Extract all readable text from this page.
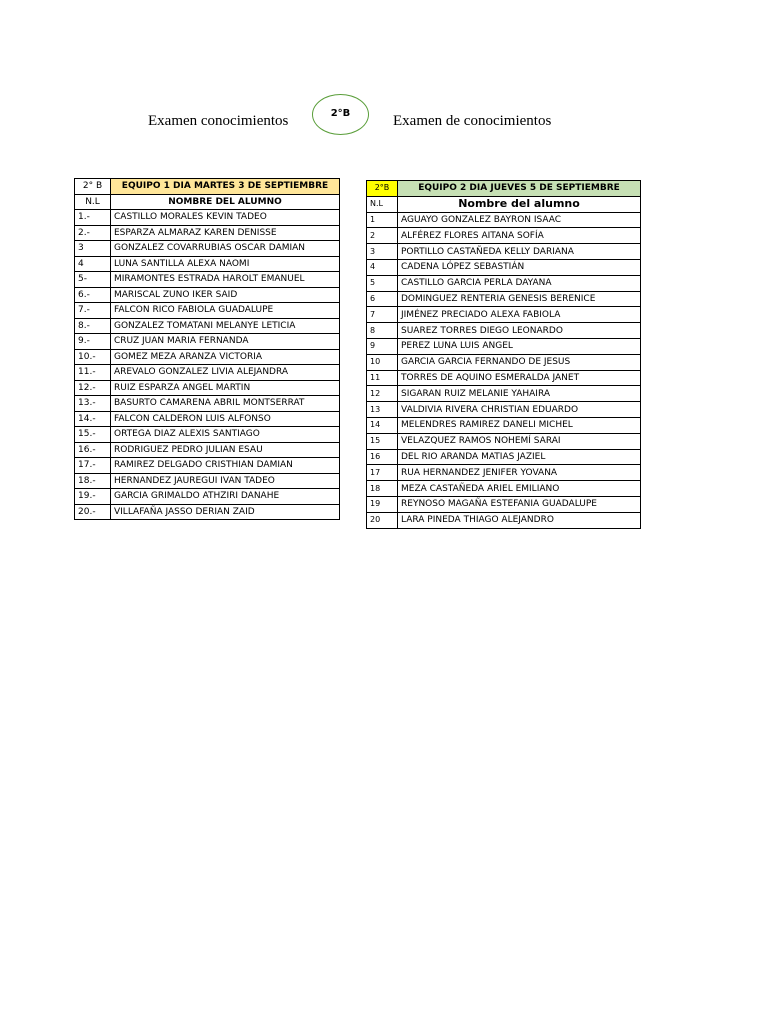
Examen conocimientos	2°B	Examen de conocimientos
2° B	EQUIPO 1 DIA MARTES 3 DE SEPTIEMBRE
N.L	NOMBRE DEL ALUMNO
1.-	CASTILLO MORALES KEVIN TADEO
2.-	ESPARZA ALMARAZ KAREN DENISSE
3	GONZALEZ COVARRUBIAS OSCAR DAMIAN
4	LUNA SANTILLA ALEXA NAOMI
5-	MIRAMONTES ESTRADA HAROLT EMANUEL
6.-	MARISCAL ZUNO IKER SAID
7.-	FALCON RICO FABIOLA GUADALUPE
8.-	GONZALEZ TOMATANI MELANYE LETICIA
9.-	CRUZ JUAN MARIA FERNANDA
10.-	GOMEZ MEZA ARANZA VICTORIA
11.-	AREVALO GONZALEZ LIVIA ALEJANDRA
12.-	RUIZ ESPARZA ANGEL MARTIN
13.-	BASURTO CAMARENA ABRIL MONTSERRAT
14.-	FALCON CALDERON LUIS ALFONSO
15.-	ORTEGA DIAZ ALEXIS SANTIAGO
16.-	RODRIGUEZ PEDRO JULIAN ESAU
17.-	RAMIREZ DELGADO CRISTHIAN DAMIAN
18.-	HERNANDEZ JAUREGUI IVAN TADEO
19.-	GARCIA GRIMALDO ATHZIRI DANAHE
20.-	VILLAFAÑA JASSO DERIAN ZAID
2°B	EQUIPO 2 DIA JUEVES 5 DE SEPTIEMBRE
N.L	Nombre del alumno
1	AGUAYO GONZALEZ BAYRON ISAAC
2	ALFÉREZ FLORES AITANA SOFÍA
3	PORTILLO CASTAÑEDA KELLY DARIANA
4	CADENA LÓPEZ SEBASTIÁN
5	CASTILLO GARCIA PERLA DAYANA
6	DOMINGUEZ RENTERIA GENESIS BERENICE
7	JIMÉNEZ PRECIADO ALEXA FABIOLA
8	SUAREZ TORRES DIEGO LEONARDO
9	PEREZ LUNA LUIS ANGEL
10	GARCIA GARCIA FERNANDO DE JESUS
11	TORRES DE AQUINO ESMERALDA JANET
12	SIGARAN RUIZ MELANIE YAHAIRA
13	VALDIVIA RIVERA CHRISTIAN EDUARDO
14	MELENDRES RAMIREZ DANELI MICHEL
15	VELAZQUEZ RAMOS NOHEMÍ SARAI
16	DEL RIO ARANDA MATIAS JAZIEL
17	RUA HERNANDEZ JENIFER YOVANA
18	MEZA CASTAÑEDA ARIEL EMILIANO
19	REYNOSO MAGAÑA ESTEFANIA GUADALUPE
20	LARA PINEDA THIAGO ALEJANDRO
